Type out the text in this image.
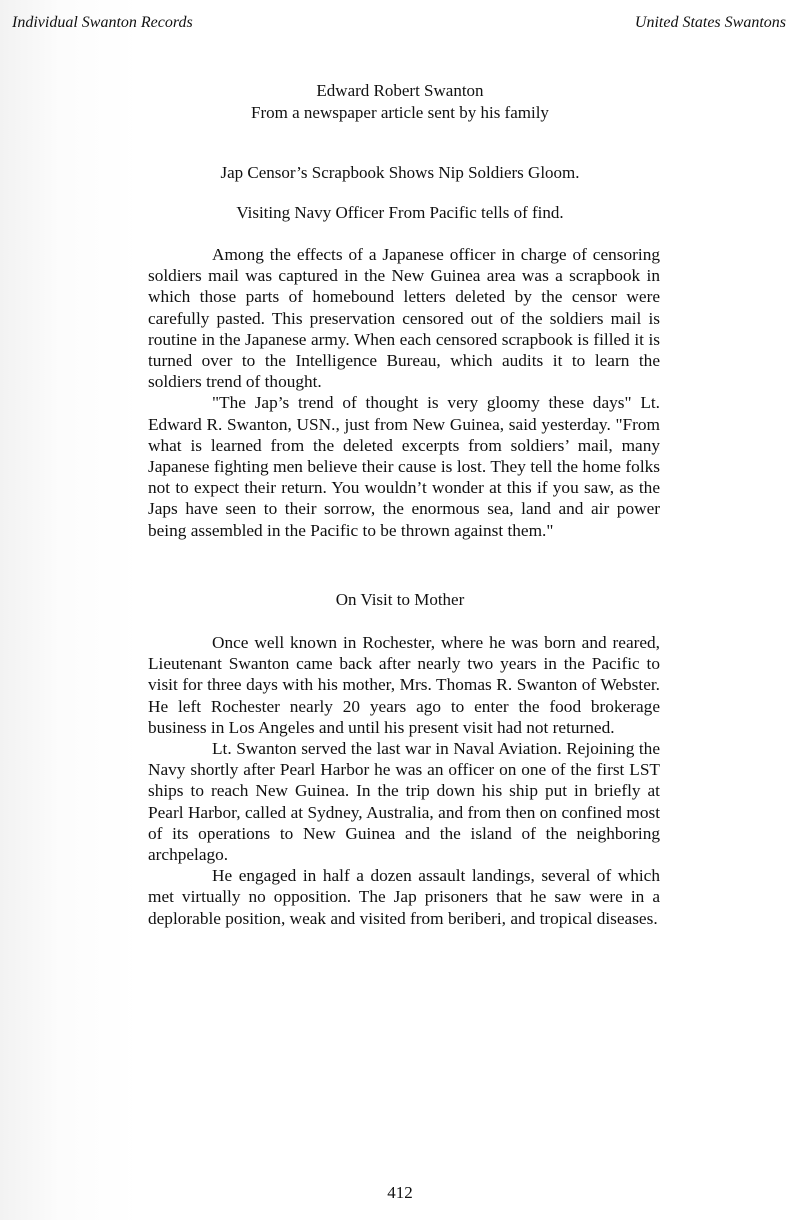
Individual Swanton Records	United States Swantons
Edward Robert Swanton
From a newspaper article sent by his family
Jap Censor’s Scrapbook Shows Nip Soldiers Gloom.
Visiting Navy Officer From Pacific tells of find.

Among the effects of a Japanese officer in charge of censoring soldiers mail was captured in the New Guinea area was a scrapbook in which those parts of homebound letters deleted by the censor were carefully pasted. This preservation censored out of the soldiers mail is routine in the Japanese army. When each censored scrapbook is filled it is turned over to the Intelligence Bureau, which audits it to learn the soldiers trend of thought.

"The Jap’s trend of thought is very gloomy these days" Lt. Edward R. Swanton, USN., just from New Guinea, said yesterday. "From what is learned from the deleted excerpts from soldiers’ mail, many Japanese fighting men believe their cause is lost. They tell the home folks not to expect their return. You wouldn’t wonder at this if you saw, as the Japs have seen to their sorrow, the enormous sea, land and air power being assembled in the Pacific to be thrown against them."

On Visit to Mother

Once well known in Rochester, where he was born and reared, Lieutenant Swanton came back after nearly two years in the Pacific to visit for three days with his mother, Mrs. Thomas R. Swanton of Webster. He left Rochester nearly 20 years ago to enter the food brokerage business in Los Angeles and until his present visit had not returned.

Lt. Swanton served the last war in Naval Aviation. Rejoining the Navy shortly after Pearl Harbor he was an officer on one of the first LST ships to reach New Guinea. In the trip down his ship put in briefly at Pearl Harbor, called at Sydney, Australia, and from then on confined most of its operations to New Guinea and the island of the neighboring archpelago.

He engaged in half a dozen assault landings, several of which met virtually no opposition. The Jap prisoners that he saw were in a deplorable position, weak and visited from beriberi, and tropical diseases.

412
